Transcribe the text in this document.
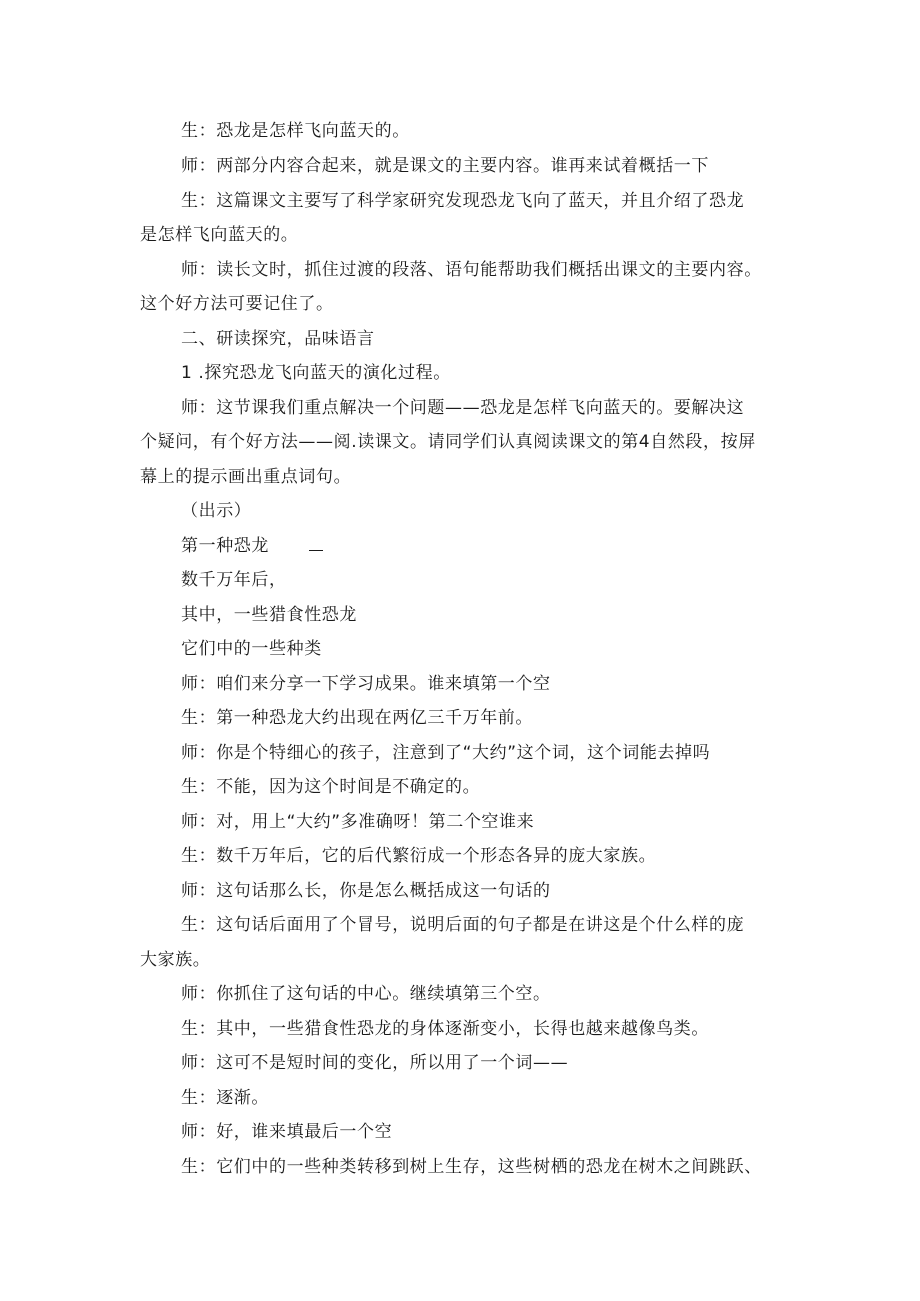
生：恐龙是怎样飞向蓝天的。
师：两部分内容合起来，就是课文的主要内容。谁再来试着概括一下
生：这篇课文主要写了科学家研究发现恐龙飞向了蓝天，并且介绍了恐龙
是怎样飞向蓝天的。
师：读长文时，抓住过渡的段落、语句能帮助我们概括出课文的主要内容。
这个好方法可要记住了。
二、研读探究，品味语言
1 .探究恐龙飞向蓝天的演化过程。
师：这节课我们重点解决一个问题——恐龙是怎样飞向蓝天的。要解决这
个疑问，有个好方法——阅.读课文。请同学们认真阅读课文的第4自然段，按屏
幕上的提示画出重点词句。
（出示）
第一种恐龙
数千万年后，
其中，一些猎食性恐龙
它们中的一些种类
师：咱们来分享一下学习成果。谁来填第一个空
生：第一种恐龙大约出现在两亿三千万年前。
师：你是个特细心的孩子，注意到了“大约”这个词，这个词能去掉吗
生：不能，因为这个时间是不确定的。
师：对，用上“大约”多准确呀！第二个空谁来
生：数千万年后，它的后代繁衍成一个形态各异的庞大家族。
师：这句话那么长，你是怎么概括成这一句话的
生：这句话后面用了个冒号，说明后面的句子都是在讲这是个什么样的庞
大家族。
师：你抓住了这句话的中心。继续填第三个空。
生：其中，一些猎食性恐龙的身体逐渐变小，长得也越来越像鸟类。
师：这可不是短时间的变化，所以用了一个词——
生：逐渐。
师：好，谁来填最后一个空
生：它们中的一些种类转移到树上生存，这些树栖的恐龙在树木之间跳跃、
